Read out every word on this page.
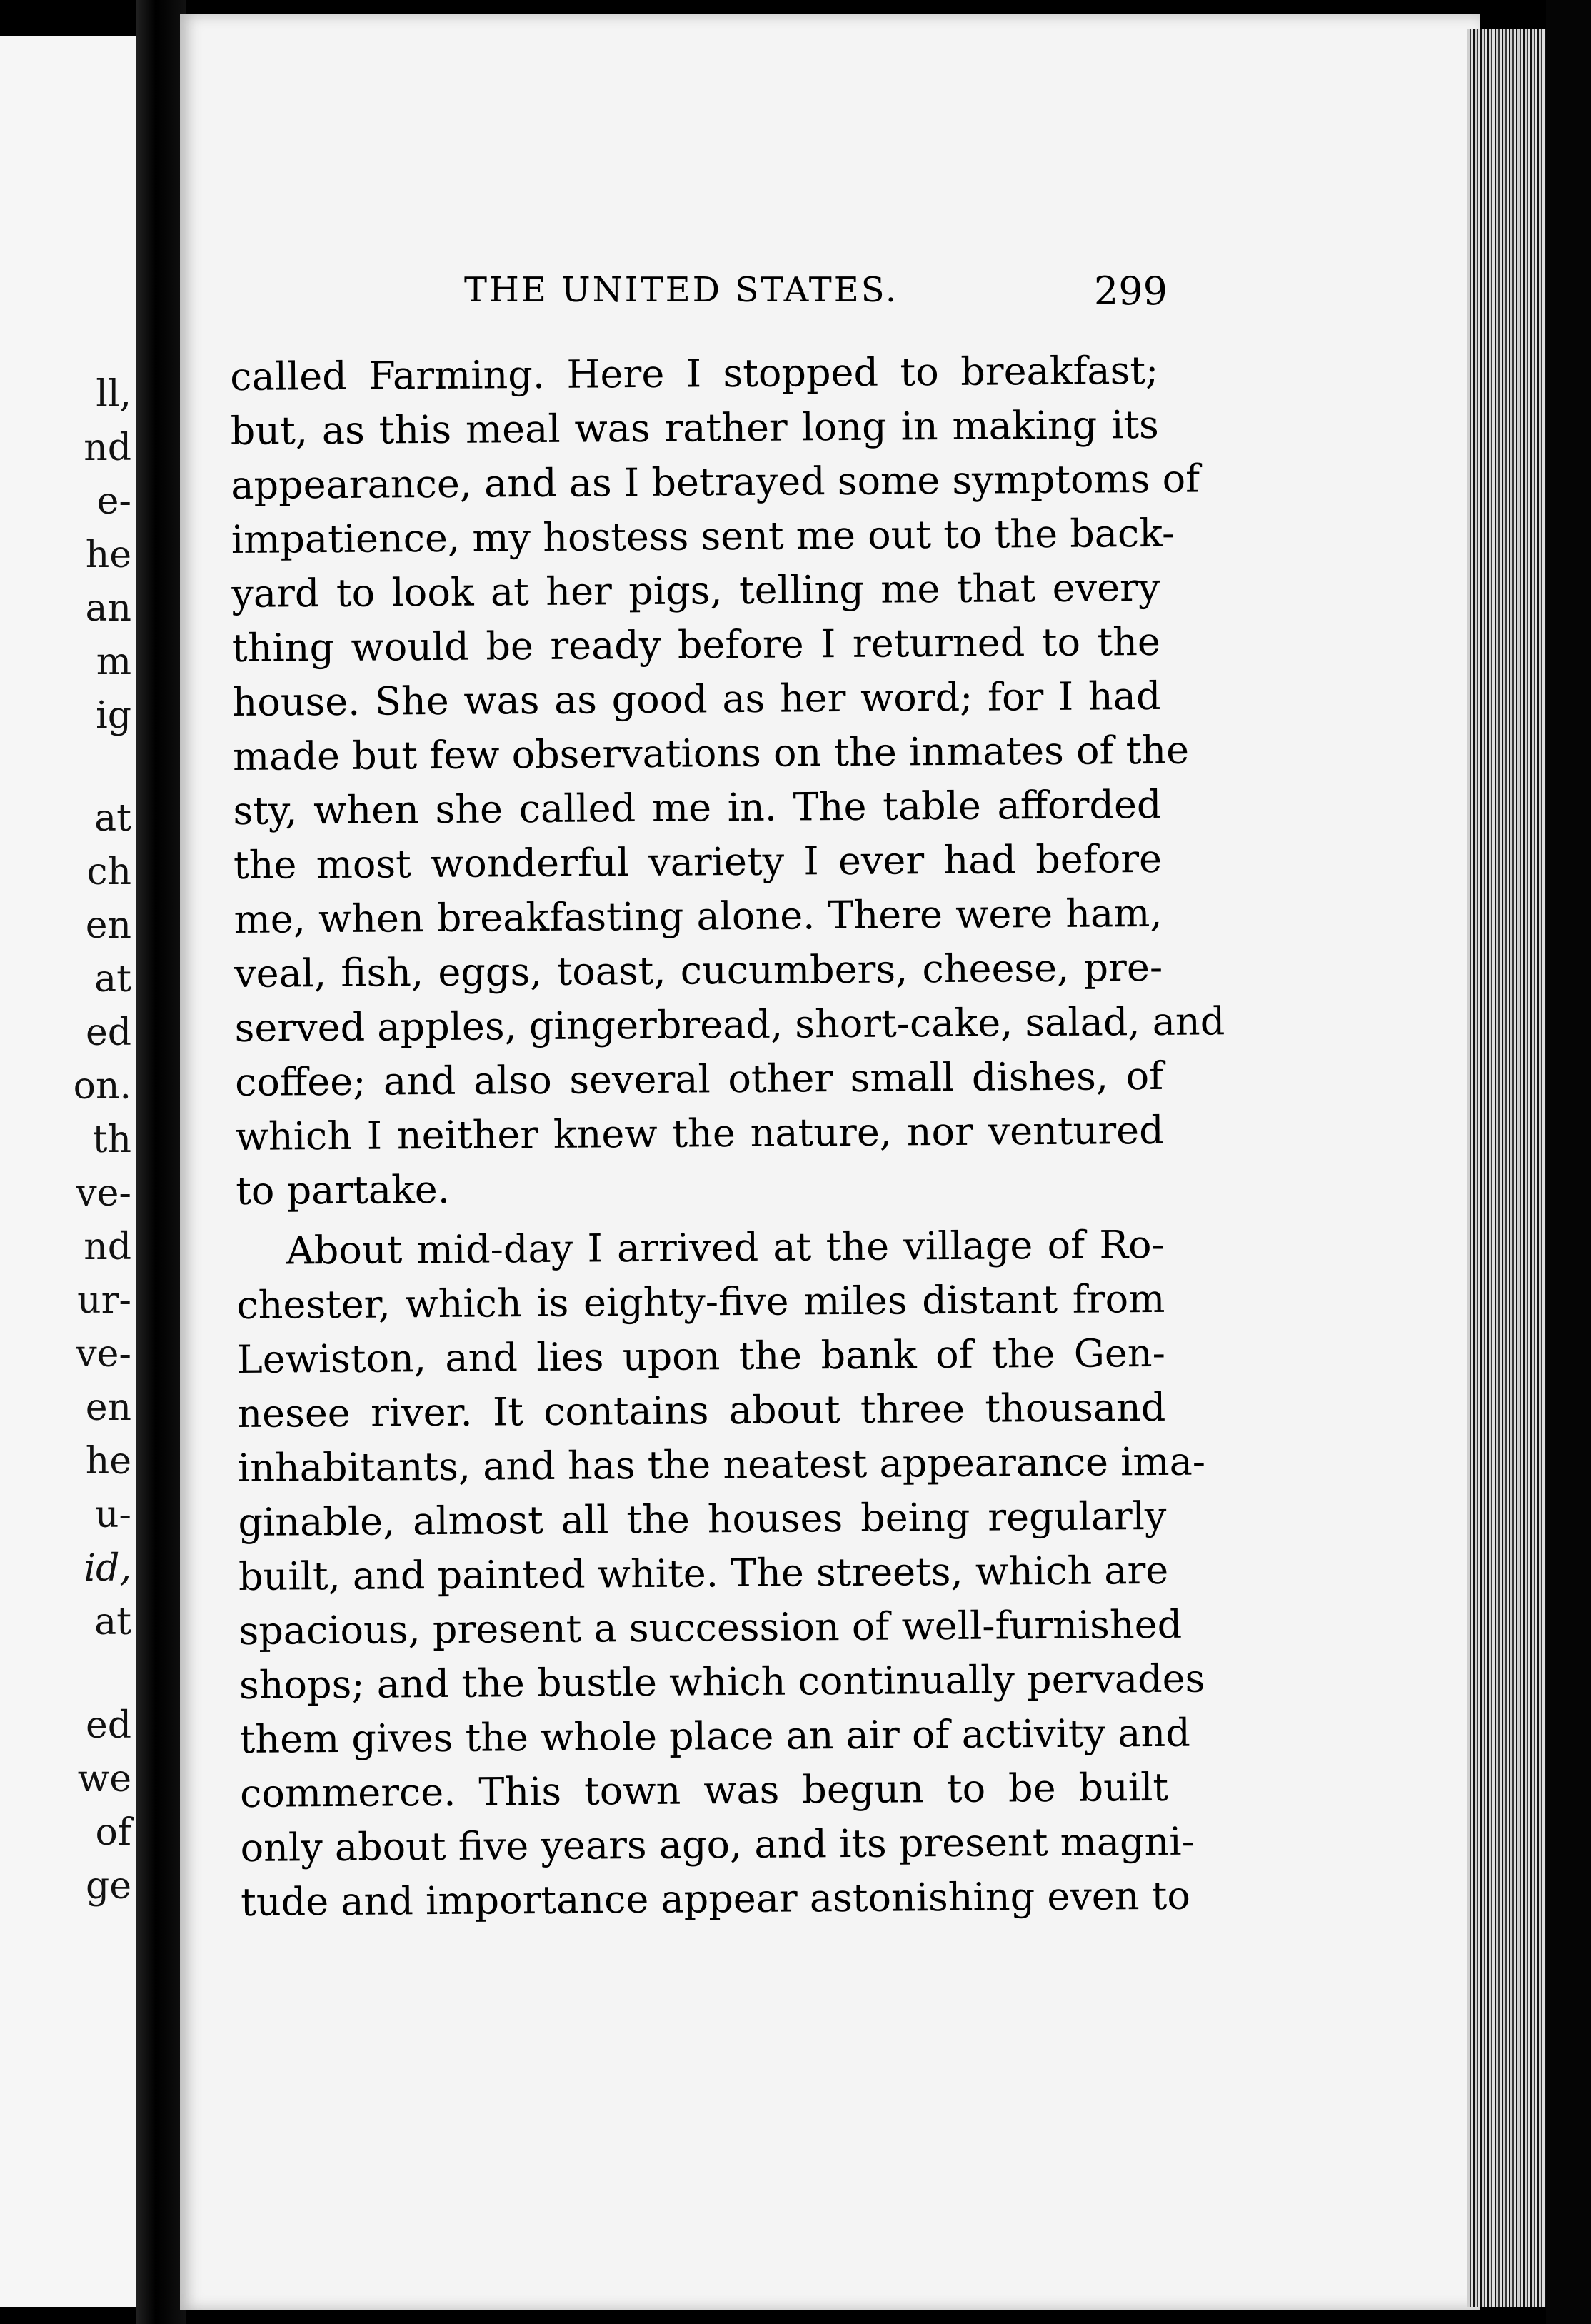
ll,
nd
e-
he
an
m
ig
at
ch
en
at
ed
on.
th
ve-
nd
ur-
ve-
en
he
u-
id,
at
ed
we
of
ge
THE UNITED STATES.	299
called Farming. Here I stopped to breakfast;
but, as this meal was rather long in making its
appearance, and as I betrayed some symptoms of
impatience, my hostess sent me out to the back-
yard to look at her pigs, telling me that every
thing would be ready before I returned to the
house. She was as good as her word; for I had
made but few observations on the inmates of the
sty, when she called me in. The table afforded
the most wonderful variety I ever had before
me, when breakfasting alone. There were ham,
veal, fish, eggs, toast, cucumbers, cheese, pre-
served apples, gingerbread, short-cake, salad, and
coffee; and also several other small dishes, of
which I neither knew the nature, nor ventured
to partake.
About mid-day I arrived at the village of Ro-
chester, which is eighty-five miles distant from
Lewiston, and lies upon the bank of the Gen-
nesee river. It contains about three thousand
inhabitants, and has the neatest appearance ima-
ginable, almost all the houses being regularly
built, and painted white. The streets, which are
spacious, present a succession of well-furnished
shops; and the bustle which continually pervades
them gives the whole place an air of activity and
commerce. This town was begun to be built
only about five years ago, and its present magni-
tude and importance appear astonishing even to
